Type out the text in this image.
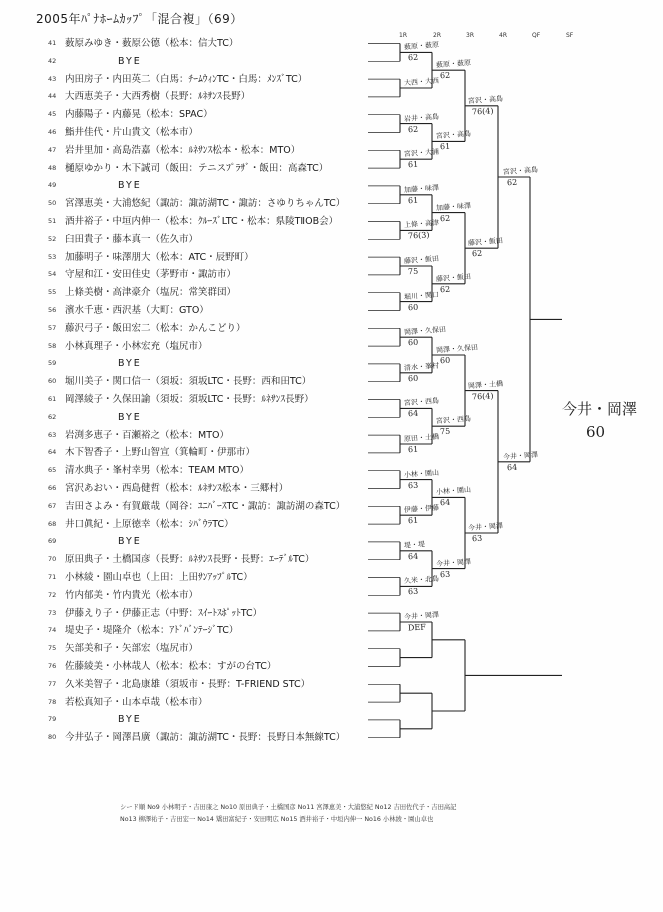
2005年ﾊﾟﾅﾎｰﾑｶｯﾌﾟ「混合複」（69）
1R	2R	3R	4R	QF	SF
41 薮原みゆき・薮原公德（松本：信大TC）
42	BYE
43 内田房子・内田英二（白馬：ﾁｰﾑｳｨﾝTC・白馬：ﾒﾝｽﾞTC）
44 大西恵美子・大西秀樹（長野：ﾙﾈｻﾝｽ長野）
45 内藤陽子・内藤晃（松本：SPAC）
46 鮨井佳代・片山貴文（松本市）
47 岩井里加・高島浩嘉（松本：ﾙﾈｻﾝｽ松本・松本：MTO）
48 樋原ゆかり・木下誠司（飯田：テニスﾌﾟﾗｻﾞ・飯田：高森TC）
49	BYE
50 宮澤恵美・大浦悠紀（諏訪：諏訪湖TC・諏訪：さゆりちゃんTC）
51 酒井裕子・中垣内伸一（松本：ｸﾙｰｽﾞLTC・松本：県陵TⅡOB会）
52 臼田貴子・藤本真一（佐久市）
53 加藤明子・味澤朋大（松本：ATC・辰野町）
54 守屋和江・安田佳史（茅野市・諏訪市）
55 上條美樹・高津豪介（塩尻：常笑群団）
56 濱水千恵・西沢基（大町：GTO）
57 藤沢弓子・飯田宏二（松本：かんこどり）
58 小林真理子・小林宏充（塩尻市）
59	BYE
60 堀川美子・関口信一（須坂：須坂LTC・長野：西和田TC）
61 岡澤綾子・久保田諭（須坂：須坂LTC・長野：ﾙﾈｻﾝｽ長野）
62	BYE
63 岩渕多恵子・百瀬裕之（松本：MTO）
64 木下智香子・上野山智宣（箕輪町・伊那市）
65 清水典子・峯村幸男（松本：TEAM MTO）
66 宮沢あおい・西島健哲（松本：ﾙﾈｻﾝｽ松本・三郷村）
67 吉田さよみ・有賀厳哉（岡谷：ﾕﾆﾊﾞｰｽTC・諏訪：諏訪湖の森TC）
68 井口眞紀・上原徳幸（松本：ｼﾊﾞｳﾗTC）
69	BYE
70 原田典子・土橋国彦（長野：ﾙﾈｻﾝｽ長野・長野：ｴｰﾃﾞﾙTC）
71 小林綾・園山卓也（上田：上田ｻﾝｱｯﾌﾟﾙTC）
72 竹内郁美・竹内貴光（松本市）
73 伊藤えり子・伊藤正志（中野：ｽｲｰﾄｽﾎﾟｯﾄTC）
74 堤史子・堤隆介（松本：ｱﾄﾞﾊﾞﾝﾃｰｼﾞTC）
75 矢部美和子・矢部宏（塩尻市）
76 佐藤綾美・小林哉人（松本：松本：すがの台TC）
77 久米美智子・北島康雄（須坂市・長野：T-FRIEND STC）
78 若松真知子・山本卓哉（松本市）
79	BYE
80 今井弘子・岡澤昌廣（諏訪：諏訪湖TC・長野：長野日本無線TC）
薮原・薮原
62
大西・大西
岩井・高島
62
宮沢・大浦
61
加藤・味澤
61
上條・高津
76(3)
藤沢・飯田
75
堀川・関口
60
岡澤・久保田
60
清水・峯村
60
宮沢・西島
64
原田・土橋
61
小林・園山
63
伊藤・伊藤
61
堤・堤
64
久米・北島
63
今井・岡澤
DEF
薮原・薮原
62
宮沢・高島
61
加藤・味澤
62
藤沢・飯田
62
岡澤・久保田
60
宮沢・西島
75
小林・園山
64
今井・岡澤
63
宮沢・高島
76(4)
藤沢・飯田
62
岡澤・土橋
76(4)
今井・岡澤
63
宮沢・高島
62
今井・岡澤
64
今井・岡澤
60
シード順 No9 小林明子・吉田康之 No10 原田典子・土橋国彦 No11 宮澤恵美・大浦悠紀 No12 吉田佐代子・吉田高記
No13 柳澤祐子・吉田宏一 No14 矯田富紀子・安田明広 No15 酒井裕子・中垣内伸一 No16 小林綾・園山卓也
